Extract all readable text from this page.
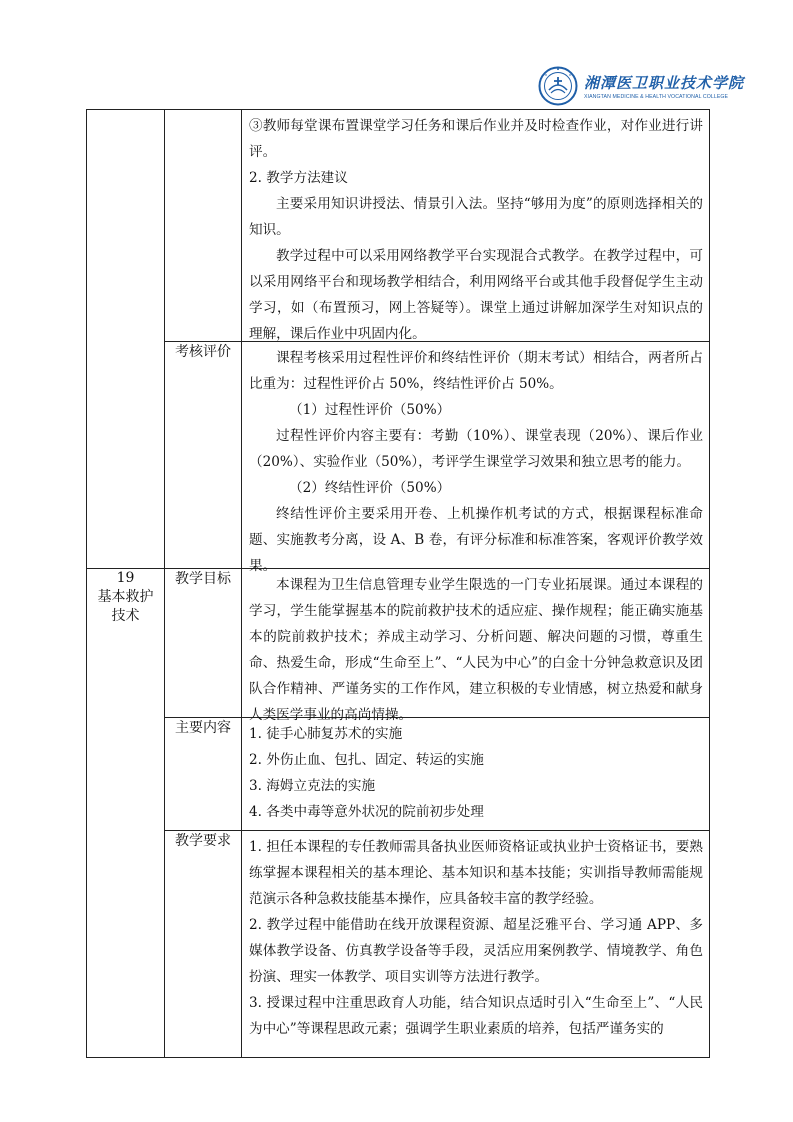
湘潭医卫职业技术学院
XIANGTAN MEDICINE & HEALTH VOCATIONAL COLLEGE

		③教师每堂课布置课堂学习任务和课后作业并及时检查作业，对作业进行讲评。

2. 教学方法建议

主要采用知识讲授法、情景引入法。坚持“够用为度”的原则选择相关的知识。

教学过程中可以采用网络教学平台实现混合式教学。在教学过程中，可以采用网络平台和现场教学相结合，利用网络平台或其他手段督促学生主动学习，如（布置预习，网上答疑等）。课堂上通过讲解加深学生对知识点的理解，课后作业中巩固内化。

	考核评价	课程考核采用过程性评价和终结性评价（期末考试）相结合，两者所占比重为：过程性评价占 50%，终结性评价占 50%。

（1）过程性评价（50%）

过程性评价内容主要有：考勤（10%）、课堂表现（20%）、课后作业（20%）、实验作业（50%），考评学生课堂学习效果和独立思考的能力。

（2）终结性评价（50%）

终结性评价主要采用开卷、上机操作机考试的方式，根据课程标准命题、实施教考分离，设 A、B 卷，有评分标准和标准答案，客观评价教学效果。

19
基本救护
技术	教学目标	本课程为卫生信息管理专业学生限选的一门专业拓展课。通过本课程的学习，学生能掌握基本的院前救护技术的适应症、操作规程；能正确实施基本的院前救护技术；养成主动学习、分析问题、解决问题的习惯，尊重生命、热爱生命，形成“生命至上”、“人民为中心”的白金十分钟急救意识及团队合作精神、严谨务实的工作作风，建立积极的专业情感，树立热爱和献身人类医学事业的高尚情操。

	主要内容	1. 徒手心肺复苏术的实施

2. 外伤止血、包扎、固定、转运的实施

3. 海姆立克法的实施

4. 各类中毒等意外状况的院前初步处理

	教学要求	1. 担任本课程的专任教师需具备执业医师资格证或执业护士资格证书，要熟练掌握本课程相关的基本理论、基本知识和基本技能；实训指导教师需能规范演示各种急救技能基本操作，应具备较丰富的教学经验。

2. 教学过程中能借助在线开放课程资源、超星泛雅平台、学习通 APP、多媒体教学设备、仿真教学设备等手段，灵活应用案例教学、情境教学、角色扮演、理实一体教学、项目实训等方法进行教学。

3. 授课过程中注重思政育人功能，结合知识点适时引入“生命至上”、“人民为中心”等课程思政元素；强调学生职业素质的培养，包括严谨务实的
